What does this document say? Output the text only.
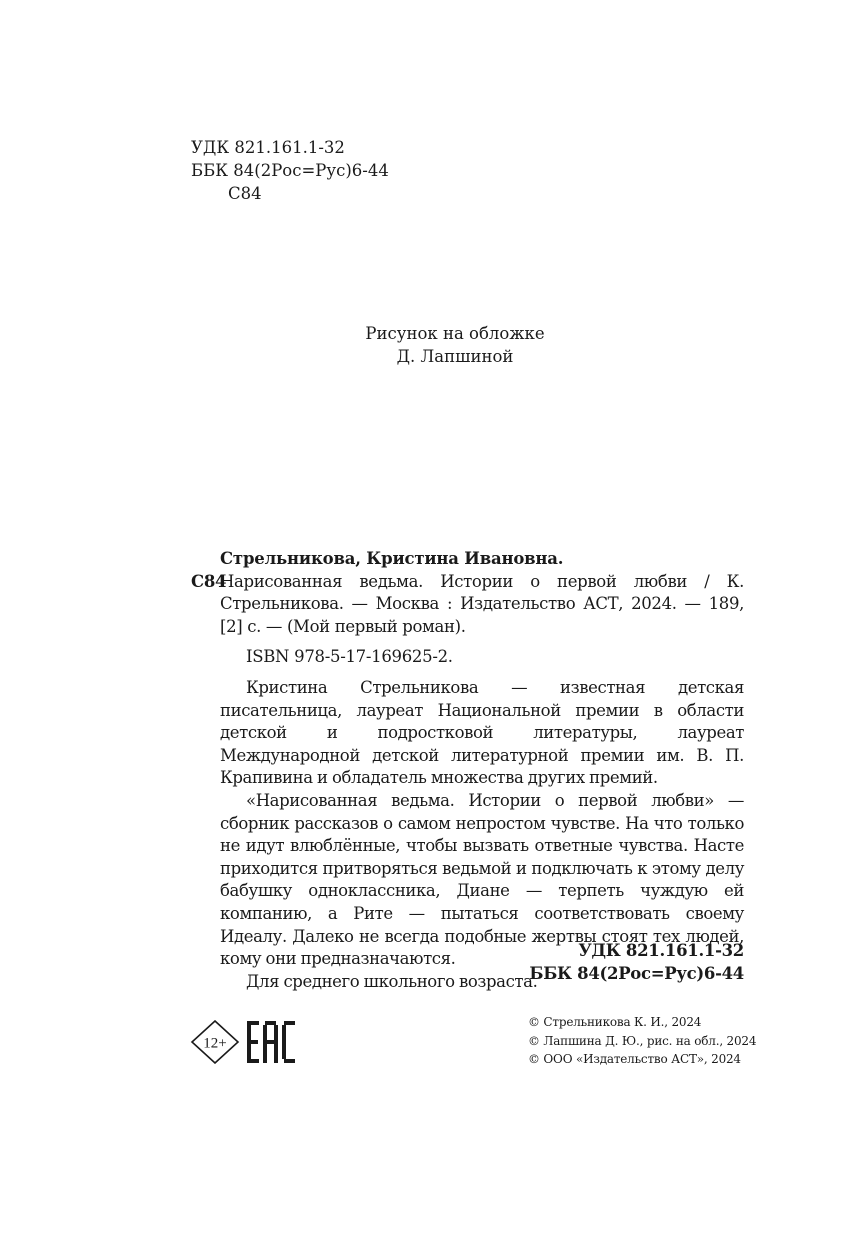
УДК 821.161.1-32
ББК 84(2Рос=Рус)6-44
С84
Рисунок на обложке
Д. Лапшиной
Стрельникова, Кристина Ивановна.
С84
Нарисованная ведьма. Истории о первой любви / К. Стрельникова. — Москва : Издательство АСТ, 2024. — 189, [2] с. — (Мой первый роман).
ISBN 978-5-17-169625-2.

Кристина Стрельникова — известная детская писательница, лауреат Национальной премии в области детской и подростковой литературы, лауреат Международной детской литературной премии им. В. П. Крапивина и обладатель множества других премий.

«Нарисованная ведьма. Истории о первой любви» — сборник рассказов о самом непростом чувстве. На что только не идут влюблённые, чтобы вызвать ответные чувства. Насте приходится притворяться ведьмой и подключать к этому делу бабушку одноклассника, Диане — терпеть чуждую ей компанию, а Рите — пытаться соответствовать своему Идеалу. Далеко не всегда подобные жертвы стоят тех людей, кому они предназначаются.

Для среднего школьного возраста.

УДК 821.161.1-32
ББК 84(2Рос=Рус)6-44
12+
© Стрельникова К. И., 2024
© Лапшина Д. Ю., рис. на обл., 2024
© ООО «Издательство АСТ», 2024
